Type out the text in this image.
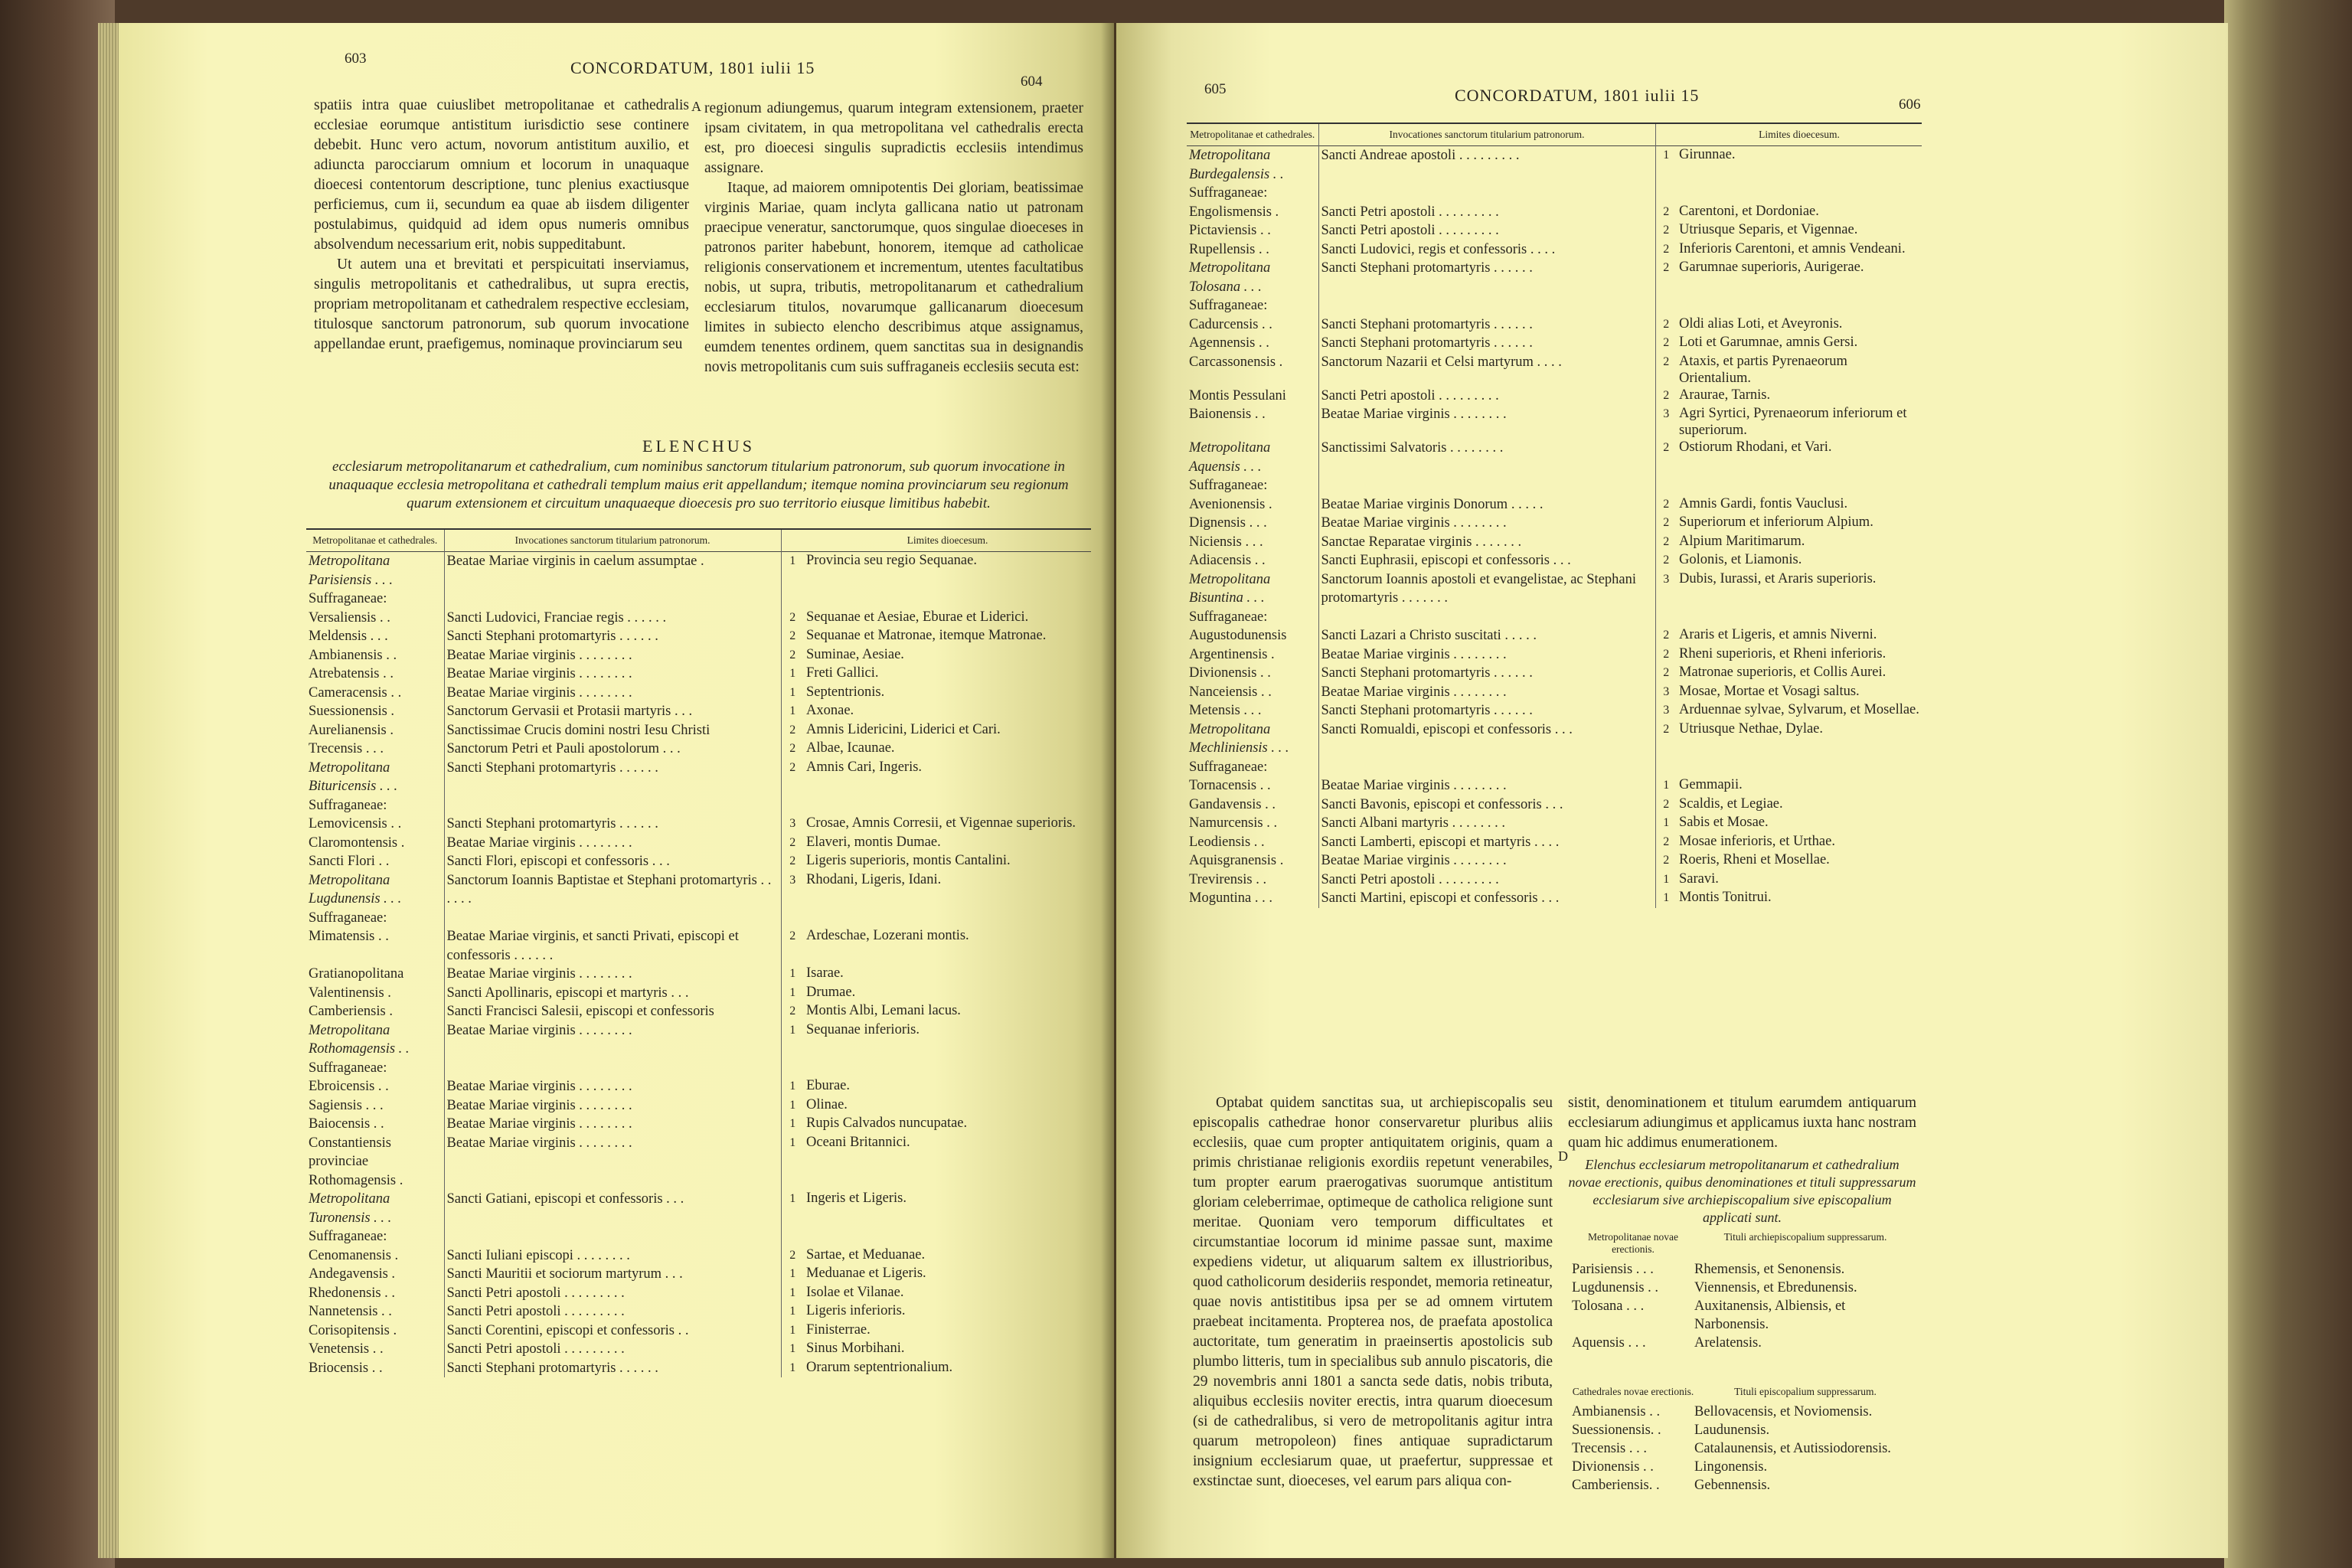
603	CONCORDATUM, 1801 iulii 15
604

spatiis intra quae cuiuslibet metropolitanae et cathedralis ecclesiae eorumque antistitum iurisdictio sese continere debebit. Hunc vero actum, novorum antistitum auxilio, et adiuncta parocciarum omnium et locorum in unaquaque dioecesi contentorum descriptione, tunc plenius exactiusque perficiemus, cum ii, secundum ea quae ab iisdem diligenter postulabimus, quidquid ad idem opus numeris omnibus absolvendum necessarium erit, nobis suppeditabunt.

Ut autem una et brevitati et perspicuitati inserviamus, singulis metropolitanis et cathedralibus, ut supra erectis, propriam metropolitanam et cathedralem respective ecclesiam, titulosque sanctorum patronorum, sub quorum invocatione appellandae erunt, praefigemus, nominaque provinciarum seu

A regionum adiungemus, quarum integram extensionem, praeter ipsam civitatem, in qua metropolitana vel cathedralis erecta est, pro dioecesi singulis supradictis ecclesiis intendimus assignare.

Itaque, ad maiorem omnipotentis Dei gloriam, beatissimae virginis Mariae, quam inclyta gallicana natio ut patronam praecipue veneratur, sanctorumque, quos singulae dioeceses in patronos pariter habebunt, honorem, itemque ad catholicae religionis conservationem et incrementum, utentes facultatibus nobis, ut supra, tributis, metropolitanarum et cathedralium ecclesiarum titulos, novarumque gallicanarum dioecesum limites in subiecto elencho describimus atque assignamus, eumdem tenentes ordinem, quem sanctitas sua in designandis novis metropolitanis cum suis suffraganeis ecclesiis secuta est:

ELENCHUS
ecclesiarum metropolitanarum et cathedralium, cum nominibus sanctorum titularium patronorum, sub quorum invocatione in unaquaque ecclesia metropolitana et cathedrali templum maius erit appellandum; itemque nomina provinciarum seu regionum quarum extensionem et circuitum unaquaeque dioecesis pro suo territorio eiusque limitibus habebit.
Metropolitanae et cathedrales.	Invocationes sanctorum titularium patronorum.		Limites dioecesum.
Metropolitana Parisiensis . . .	Beatae Mariae virginis in caelum assumptae .	1	Provincia seu regio Sequanae.
Suffraganeae:			
Versaliensis . .	Sancti Ludovici, Franciae regis . . . . . .	2	Sequanae et Aesiae, Eburae et Liderici.
Meldensis . . .	Sancti Stephani protomartyris . . . . . .	2	Sequanae et Matronae, itemque Matronae.
Ambianensis . .	Beatae Mariae virginis . . . . . . . .	2	Suminae, Aesiae.
Atrebatensis . .	Beatae Mariae virginis . . . . . . . .	1	Freti Gallici.
Cameracensis . .	Beatae Mariae virginis . . . . . . . .	1	Septentrionis.
Suessionensis .	Sanctorum Gervasii et Protasii martyris . . .	1	Axonae.
Aurelianensis .	Sanctissimae Crucis domini nostri Iesu Christi	2	Amnis Lidericini, Liderici et Cari.
Trecensis . . .	Sanctorum Petri et Pauli apostolorum . . .	2	Albae, Icaunae.
Metropolitana Bituricensis . . .	Sancti Stephani protomartyris . . . . . .	2	Amnis Cari, Ingeris.
Suffraganeae:			
Lemovicensis . .	Sancti Stephani protomartyris . . . . . .	3	Crosae, Amnis Corresii, et Vigennae superioris.
Claromontensis .	Beatae Mariae virginis . . . . . . . .	2	Elaveri, montis Dumae.
Sancti Flori . .	Sancti Flori, episcopi et confessoris . . .	2	Ligeris superioris, montis Cantalini.
Metropolitana Lugdunensis . . .	Sanctorum Ioannis Baptistae et Stephani protomartyris . . . . . .	3	Rhodani, Ligeris, Idani.
Suffraganeae:			
Mimatensis . .	Beatae Mariae virginis, et sancti Privati, episcopi et confessoris . . . . . .	2	Ardeschae, Lozerani montis.
Gratianopolitana	Beatae Mariae virginis . . . . . . . .	1	Isarae.
Valentinensis .	Sancti Apollinaris, episcopi et martyris . . .	1	Drumae.
Camberiensis .	Sancti Francisci Salesii, episcopi et confessoris	2	Montis Albi, Lemani lacus.
Metropolitana Rothomagensis . .	Beatae Mariae virginis . . . . . . . .	1	Sequanae inferioris.
Suffraganeae:			
Ebroicensis . .	Beatae Mariae virginis . . . . . . . .	1	Eburae.
Sagiensis . . .	Beatae Mariae virginis . . . . . . . .	1	Olinae.
Baiocensis . .	Beatae Mariae virginis . . . . . . . .	1	Rupis Calvados nuncupatae.
Constantiensis provinciae Rothomagensis .	Beatae Mariae virginis . . . . . . . .	1	Oceani Britannici.
Metropolitana Turonensis . . .	Sancti Gatiani, episcopi et confessoris . . .	1	Ingeris et Ligeris.
Suffraganeae:			
Cenomanensis .	Sancti Iuliani episcopi . . . . . . . .	2	Sartae, et Meduanae.
Andegavensis .	Sancti Mauritii et sociorum martyrum . . .	1	Meduanae et Ligeris.
Rhedonensis . .	Sancti Petri apostoli . . . . . . . . .	1	Isolae et Vilanae.
Nannetensis . .	Sancti Petri apostoli . . . . . . . . .	1	Ligeris inferioris.
Corisopitensis .	Sancti Corentini, episcopi et confessoris . .	1	Finisterrae.
Venetensis . .	Sancti Petri apostoli . . . . . . . . .	1	Sinus Morbihani.
Briocensis . .	Sancti Stephani protomartyris . . . . . .	1	Orarum septentrionalium.
605	CONCORDATUM, 1801 iulii 15	606
Metropolitanae et cathedrales.	Invocationes sanctorum titularium patronorum.		Limites dioecesum.
Metropolitana Burdegalensis . .	Sancti Andreae apostoli . . . . . . . . .	1	Girunnae.
Suffraganeae:			
Engolismensis .	Sancti Petri apostoli . . . . . . . . .	2	Carentoni, et Dordoniae.
Pictaviensis . .	Sancti Petri apostoli . . . . . . . . .	2	Utriusque Separis, et Vigennae.
Rupellensis . .	Sancti Ludovici, regis et confessoris . . . .	2	Inferioris Carentoni, et amnis Vendeani.
Metropolitana Tolosana . . .	Sancti Stephani protomartyris . . . . . .	2	Garumnae superioris, Aurigerae.
Suffraganeae:			
Cadurcensis . .	Sancti Stephani protomartyris . . . . . .	2	Oldi alias Loti, et Aveyronis.
Agennensis . .	Sancti Stephani protomartyris . . . . . .	2	Loti et Garumnae, amnis Gersi.
Carcassonensis .	Sanctorum Nazarii et Celsi martyrum . . . .	2	Ataxis, et partis Pyrenaeorum Orientalium.
Montis Pessulani	Sancti Petri apostoli . . . . . . . . .	2	Araurae, Tarnis.
Baionensis . .	Beatae Mariae virginis . . . . . . . .	3	Agri Syrtici, Pyrenaeorum inferiorum et superiorum.
Metropolitana Aquensis . . .	Sanctissimi Salvatoris . . . . . . . .	2	Ostiorum Rhodani, et Vari.
Suffraganeae:			
Avenionensis .	Beatae Mariae virginis Donorum . . . . .	2	Amnis Gardi, fontis Vauclusi.
Dignensis . . .	Beatae Mariae virginis . . . . . . . .	2	Superiorum et inferiorum Alpium.
Niciensis . . .	Sanctae Reparatae virginis . . . . . . .	2	Alpium Maritimarum.
Adiacensis . .	Sancti Euphrasii, episcopi et confessoris . . .	2	Golonis, et Liamonis.
Metropolitana Bisuntina . . .	Sanctorum Ioannis apostoli et evangelistae, ac Stephani protomartyris . . . . . . .	3	Dubis, Iurassi, et Araris superioris.
Suffraganeae:			
Augustodunensis	Sancti Lazari a Christo suscitati . . . . .	2	Araris et Ligeris, et amnis Niverni.
Argentinensis .	Beatae Mariae virginis . . . . . . . .	2	Rheni superioris, et Rheni inferioris.
Divionensis . .	Sancti Stephani protomartyris . . . . . .	2	Matronae superioris, et Collis Aurei.
Nanceiensis . .	Beatae Mariae virginis . . . . . . . .	3	Mosae, Mortae et Vosagi saltus.
Metensis . . .	Sancti Stephani protomartyris . . . . . .	3	Arduennae sylvae, Sylvarum, et Mosellae.
Metropolitana Mechliniensis . . .	Sancti Romualdi, episcopi et confessoris . . .	2	Utriusque Nethae, Dylae.
Suffraganeae:			
Tornacensis . .	Beatae Mariae virginis . . . . . . . .	1	Gemmapii.
Gandavensis . .	Sancti Bavonis, episcopi et confessoris . . .	2	Scaldis, et Legiae.
Namurcensis . .	Sancti Albani martyris . . . . . . . .	1	Sabis et Mosae.
Leodiensis . .	Sancti Lamberti, episcopi et martyris . . . .	2	Mosae inferioris, et Urthae.
Aquisgranensis .	Beatae Mariae virginis . . . . . . . .	2	Roeris, Rheni et Mosellae.
Trevirensis . .	Sancti Petri apostoli . . . . . . . . .	1	Saravi.
Moguntina . . .	Sancti Martini, episcopi et confessoris . . .	1	Montis Tonitrui.

Optabat quidem sanctitas sua, ut archiepiscopalis seu episcopalis cathedrae honor conservaretur pluribus aliis ecclesiis, quae cum propter antiquitatem originis, quam a primis christianae religionis exordiis repetunt venerabiles, tum propter earum praerogativas suorumque antistitum gloriam celeberrimae, optimeque de catholica religione sunt meritae. Quoniam vero temporum difficultates et circumstantiae locorum id minime passae sunt, maxime expediens videtur, ut aliquarum saltem ex illustrioribus, quod catholicorum desideriis respondet, memoria retineatur, quae novis antistitibus ipsa per se ad omnem virtutem praebeat incitamenta. Propterea nos, de praefata apostolica auctoritate, tum generatim in praeinsertis apostolicis sub plumbo litteris, tum in specialibus sub annulo piscatoris, die 29 novembris anni 1801 a sancta sede datis, nobis tributa, aliquibus ecclesiis noviter erectis, intra quarum dioecesum (si de cathedralibus, si vero de metropolitanis agitur intra quarum metropoleon) fines antiquae supradictarum insignium ecclesiarum quae, ut praefertur, suppressae et exstinctae sunt, dioeceses, vel earum pars aliqua con-

D

sistit, denominationem et titulum earumdem antiquarum ecclesiarum adiungimus et applicamus iuxta hanc nostram quam hic addimus enumerationem.

Elenchus ecclesiarum metropolitanarum et cathedralium novae erectionis, quibus denominationes et tituli suppressarum ecclesiarum sive archiepiscopalium sive episcopalium applicati sunt.
Metropolitanae novae erectionis.
Tituli archiepiscopalium suppressarum.
Parisiensis . . .	Rhemensis, et Senonensis.
Lugdunensis . .	Viennensis, et Ebredunensis.
Tolosana . . .	Auxitanensis, Albiensis, et Narbonensis.
Aquensis . . .	Arelatensis.
Cathedrales novae erectionis.	Tituli episcopalium suppressarum.
Ambianensis . .	Bellovacensis, et Noviomensis.
Suessionensis. .	Laudunensis.
Trecensis . . .	Catalaunensis, et Autissiodorensis.
Divionensis . .	Lingonensis.
Camberiensis. .	Gebennensis.
